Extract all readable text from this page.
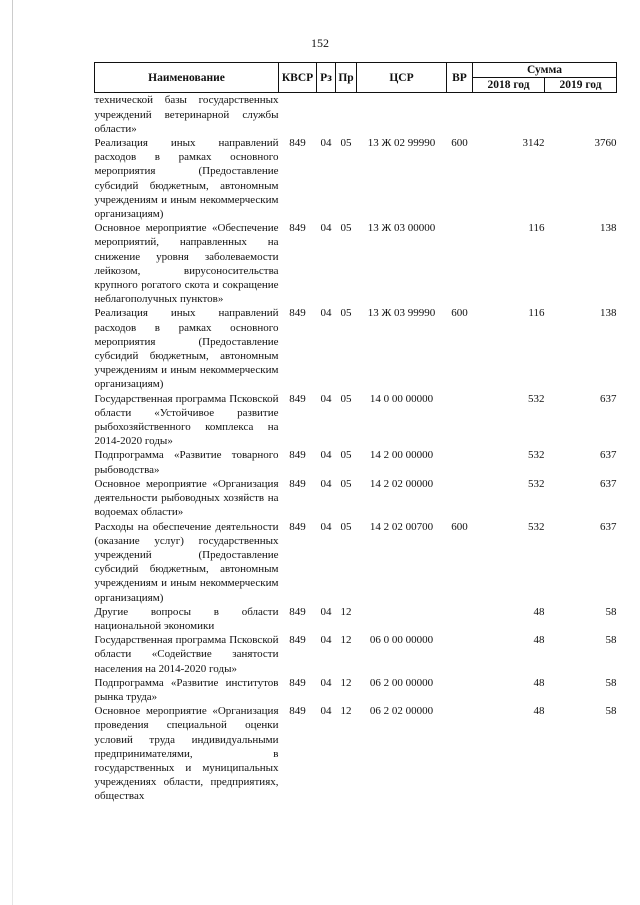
152
Наименование	КВСР	Рз	Пр	ЦСР	ВР	Сумма	
						2018 год	2019 год
технической базы государственных учреждений ветеринарной службы области»							
Реализация иных направлений расходов в рамках основного мероприятия (Предоставление субсидий бюджетным, автономным учреждениям и иным некоммерческим организациям)	849	04	05	13 Ж 02 99990	600	3142	3760
Основное мероприятие «Обеспечение мероприятий, направленных на снижение уровня заболеваемости лейкозом, вирусоносительства крупного рогатого скота и сокращение неблагополучных пунктов»	849	04	05	13 Ж 03 00000		116	138
Реализация иных направлений расходов в рамках основного мероприятия (Предоставление субсидий бюджетным, автономным учреждениям и иным некоммерческим организациям)	849	04	05	13 Ж 03 99990	600	116	138
Государственная программа Псковской области «Устойчивое развитие рыбохозяйственного комплекса на 2014-2020 годы»	849	04	05	14 0 00 00000		532	637
Подпрограмма «Развитие товарного рыбоводства»	849	04	05	14 2 00 00000		532	637
Основное мероприятие «Организация деятельности рыбоводных хозяйств на водоемах области»	849	04	05	14 2 02 00000		532	637
Расходы на обеспечение деятельности (оказание услуг) государственных учреждений (Предоставление субсидий бюджетным, автономным учреждениям и иным некоммерческим организациям)	849	04	05	14 2 02 00700	600	532	637
Другие вопросы в области национальной экономики	849	04	12			48	58
Государственная программа Псковской области «Содействие занятости населения на 2014-2020 годы»	849	04	12	06 0 00 00000		48	58
Подпрограмма «Развитие институтов рынка труда»	849	04	12	06 2 00 00000		48	58
Основное мероприятие «Организация проведения специальной оценки условий труда индивидуальными предпринимателями, в государственных и муниципальных учреждениях области, предприятиях, обществах	849	04	12	06 2 02 00000		48	58
